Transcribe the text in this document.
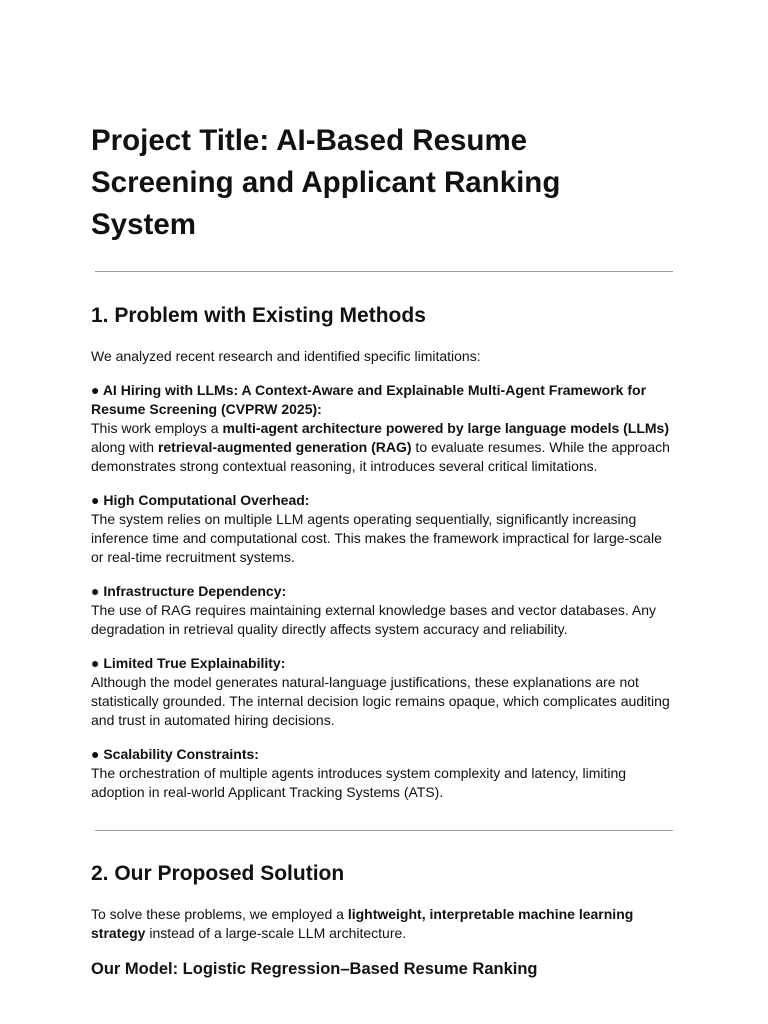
Project Title: AI-Based Resume Screening and Applicant Ranking System
1. Problem with Existing Methods

We analyzed recent research and identified specific limitations:

● AI Hiring with LLMs: A Context-Aware and Explainable Multi-Agent Framework for Resume Screening (CVPRW 2025):
This work employs a multi-agent architecture powered by large language models (LLMs) along with retrieval-augmented generation (RAG) to evaluate resumes. While the approach demonstrates strong contextual reasoning, it introduces several critical limitations.

● High Computational Overhead:
The system relies on multiple LLM agents operating sequentially, significantly increasing inference time and computational cost. This makes the framework impractical for large-scale or real-time recruitment systems.

● Infrastructure Dependency:
The use of RAG requires maintaining external knowledge bases and vector databases. Any degradation in retrieval quality directly affects system accuracy and reliability.

● Limited True Explainability:
Although the model generates natural-language justifications, these explanations are not statistically grounded. The internal decision logic remains opaque, which complicates auditing and trust in automated hiring decisions.

● Scalability Constraints:
The orchestration of multiple agents introduces system complexity and latency, limiting adoption in real-world Applicant Tracking Systems (ATS).

2. Our Proposed Solution

To solve these problems, we employed a lightweight, interpretable machine learning strategy instead of a large-scale LLM architecture.

Our Model: Logistic Regression–Based Resume Ranking
